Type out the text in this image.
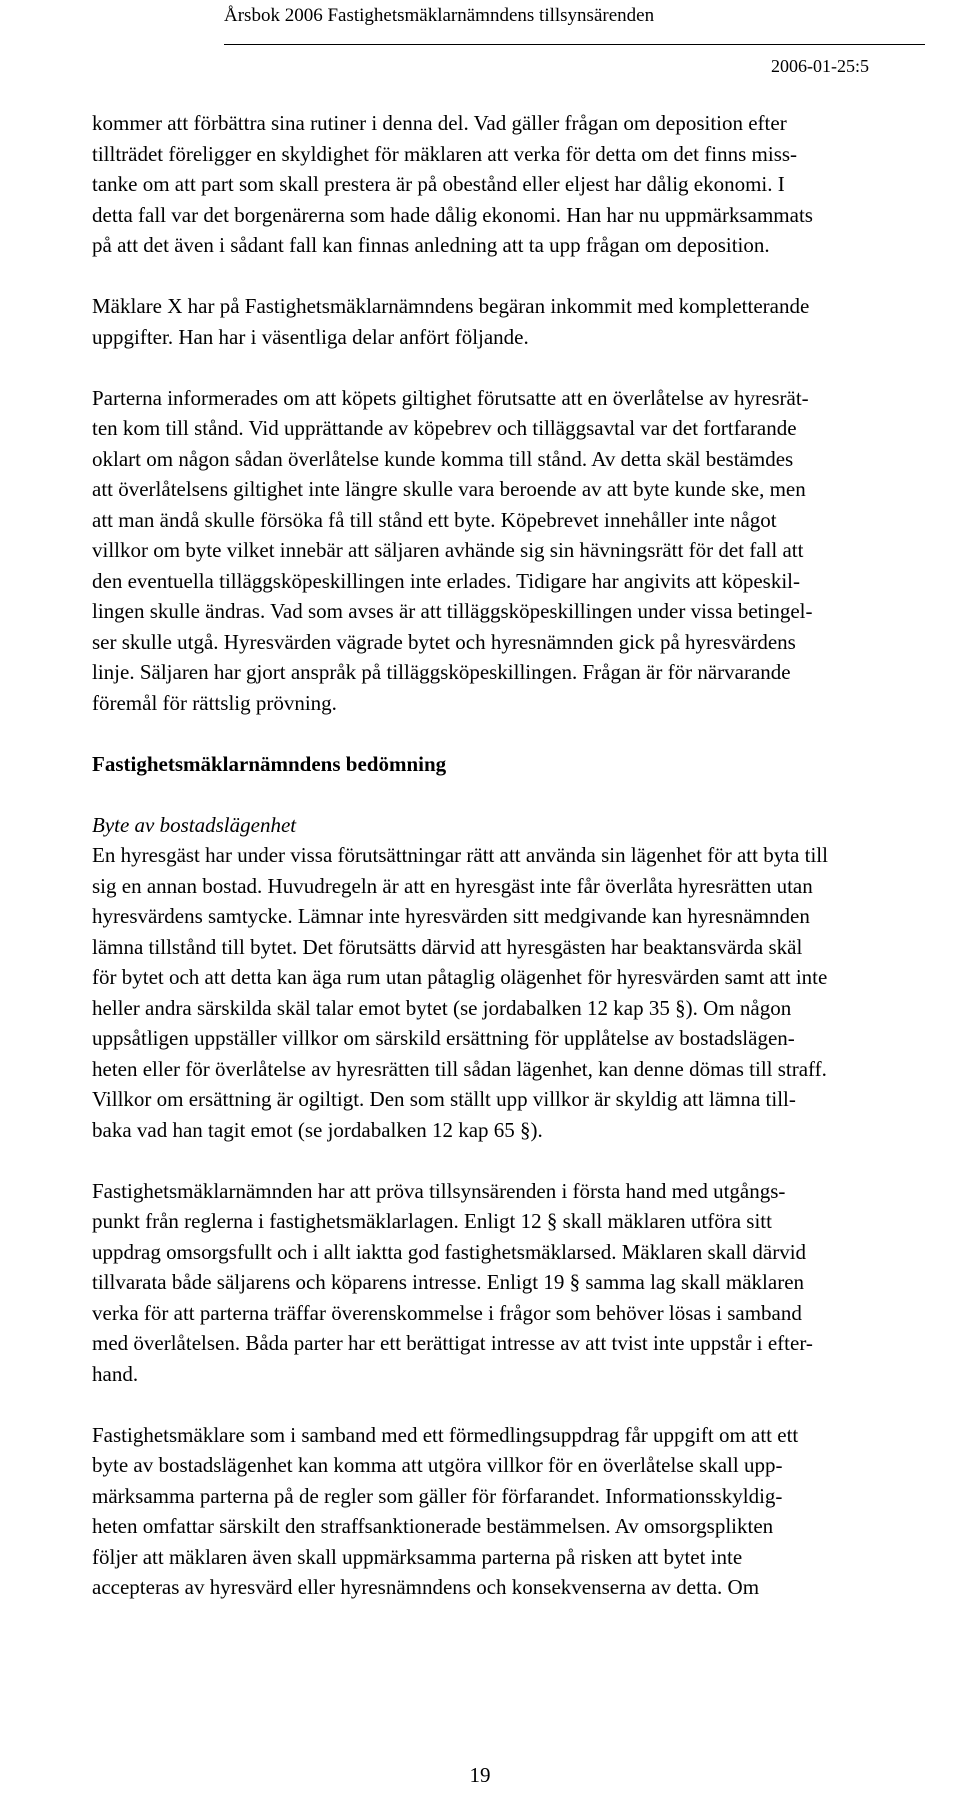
Årsbok 2006 Fastighetsmäklarnämndens tillsynsärenden
2006-01-25:5
kommer att förbättra sina rutiner i denna del. Vad gäller frågan om deposition efter
tillträdet föreligger en skyldighet för mäklaren att verka för detta om det finns miss-
tanke om att part som skall prestera är på obestånd eller eljest har dålig ekonomi. I
detta fall var det borgenärerna som hade dålig ekonomi. Han har nu uppmärksammats
på att det även i sådant fall kan finnas anledning att ta upp frågan om deposition.
Mäklare X har på Fastighetsmäklarnämndens begäran inkommit med kompletterande
uppgifter. Han har i väsentliga delar anfört följande.
Parterna informerades om att köpets giltighet förutsatte att en överlåtelse av hyresrät-
ten kom till stånd. Vid upprättande av köpebrev och tilläggsavtal var det fortfarande
oklart om någon sådan överlåtelse kunde komma till stånd. Av detta skäl bestämdes
att överlåtelsens giltighet inte längre skulle vara beroende av att byte kunde ske, men
att man ändå skulle försöka få till stånd ett byte. Köpebrevet innehåller inte något
villkor om byte vilket innebär att säljaren avhände sig sin hävningsrätt för det fall att
den eventuella tilläggsköpeskillingen inte erlades. Tidigare har angivits att köpeskil-
lingen skulle ändras. Vad som avses är att tilläggsköpeskillingen under vissa betingel-
ser skulle utgå. Hyresvärden vägrade bytet och hyresnämnden gick på hyresvärdens
linje. Säljaren har gjort anspråk på tilläggsköpeskillingen. Frågan är för närvarande
föremål för rättslig prövning.
Fastighetsmäklarnämndens bedömning
Byte av bostadslägenhet
En hyresgäst har under vissa förutsättningar rätt att använda sin lägenhet för att byta till
sig en annan bostad. Huvudregeln är att en hyresgäst inte får överlåta hyresrätten utan
hyresvärdens samtycke. Lämnar inte hyresvärden sitt medgivande kan hyresnämnden
lämna tillstånd till bytet. Det förutsätts därvid att hyresgästen har beaktansvärda skäl
för bytet och att detta kan äga rum utan påtaglig olägenhet för hyresvärden samt att inte
heller andra särskilda skäl talar emot bytet (se jordabalken 12 kap 35 §). Om någon
uppsåtligen uppställer villkor om särskild ersättning för upplåtelse av bostadslägen-
heten eller för överlåtelse av hyresrätten till sådan lägenhet, kan denne dömas till straff.
Villkor om ersättning är ogiltigt. Den som ställt upp villkor är skyldig att lämna till-
baka vad han tagit emot (se jordabalken 12 kap 65 §).
Fastighetsmäklarnämnden har att pröva tillsynsärenden i första hand med utgångs-
punkt från reglerna i fastighetsmäklarlagen. Enligt 12 § skall mäklaren utföra sitt
uppdrag omsorgsfullt och i allt iaktta god fastighetsmäklarsed. Mäklaren skall därvid
tillvarata både säljarens och köparens intresse. Enligt 19 § samma lag skall mäklaren
verka för att parterna träffar överenskommelse i frågor som behöver lösas i samband
med överlåtelsen. Båda parter har ett berättigat intresse av att tvist inte uppstår i efter-
hand.
Fastighetsmäklare som i samband med ett förmedlingsuppdrag får uppgift om att ett
byte av bostadslägenhet kan komma att utgöra villkor för en överlåtelse skall upp-
märksamma parterna på de regler som gäller för förfarandet. Informationsskyldig-
heten omfattar särskilt den straffsanktionerade bestämmelsen. Av omsorgsplikten
följer att mäklaren även skall uppmärksamma parterna på risken att bytet inte
accepteras av hyresvärd eller hyresnämndens och konsekvenserna av detta. Om
19
